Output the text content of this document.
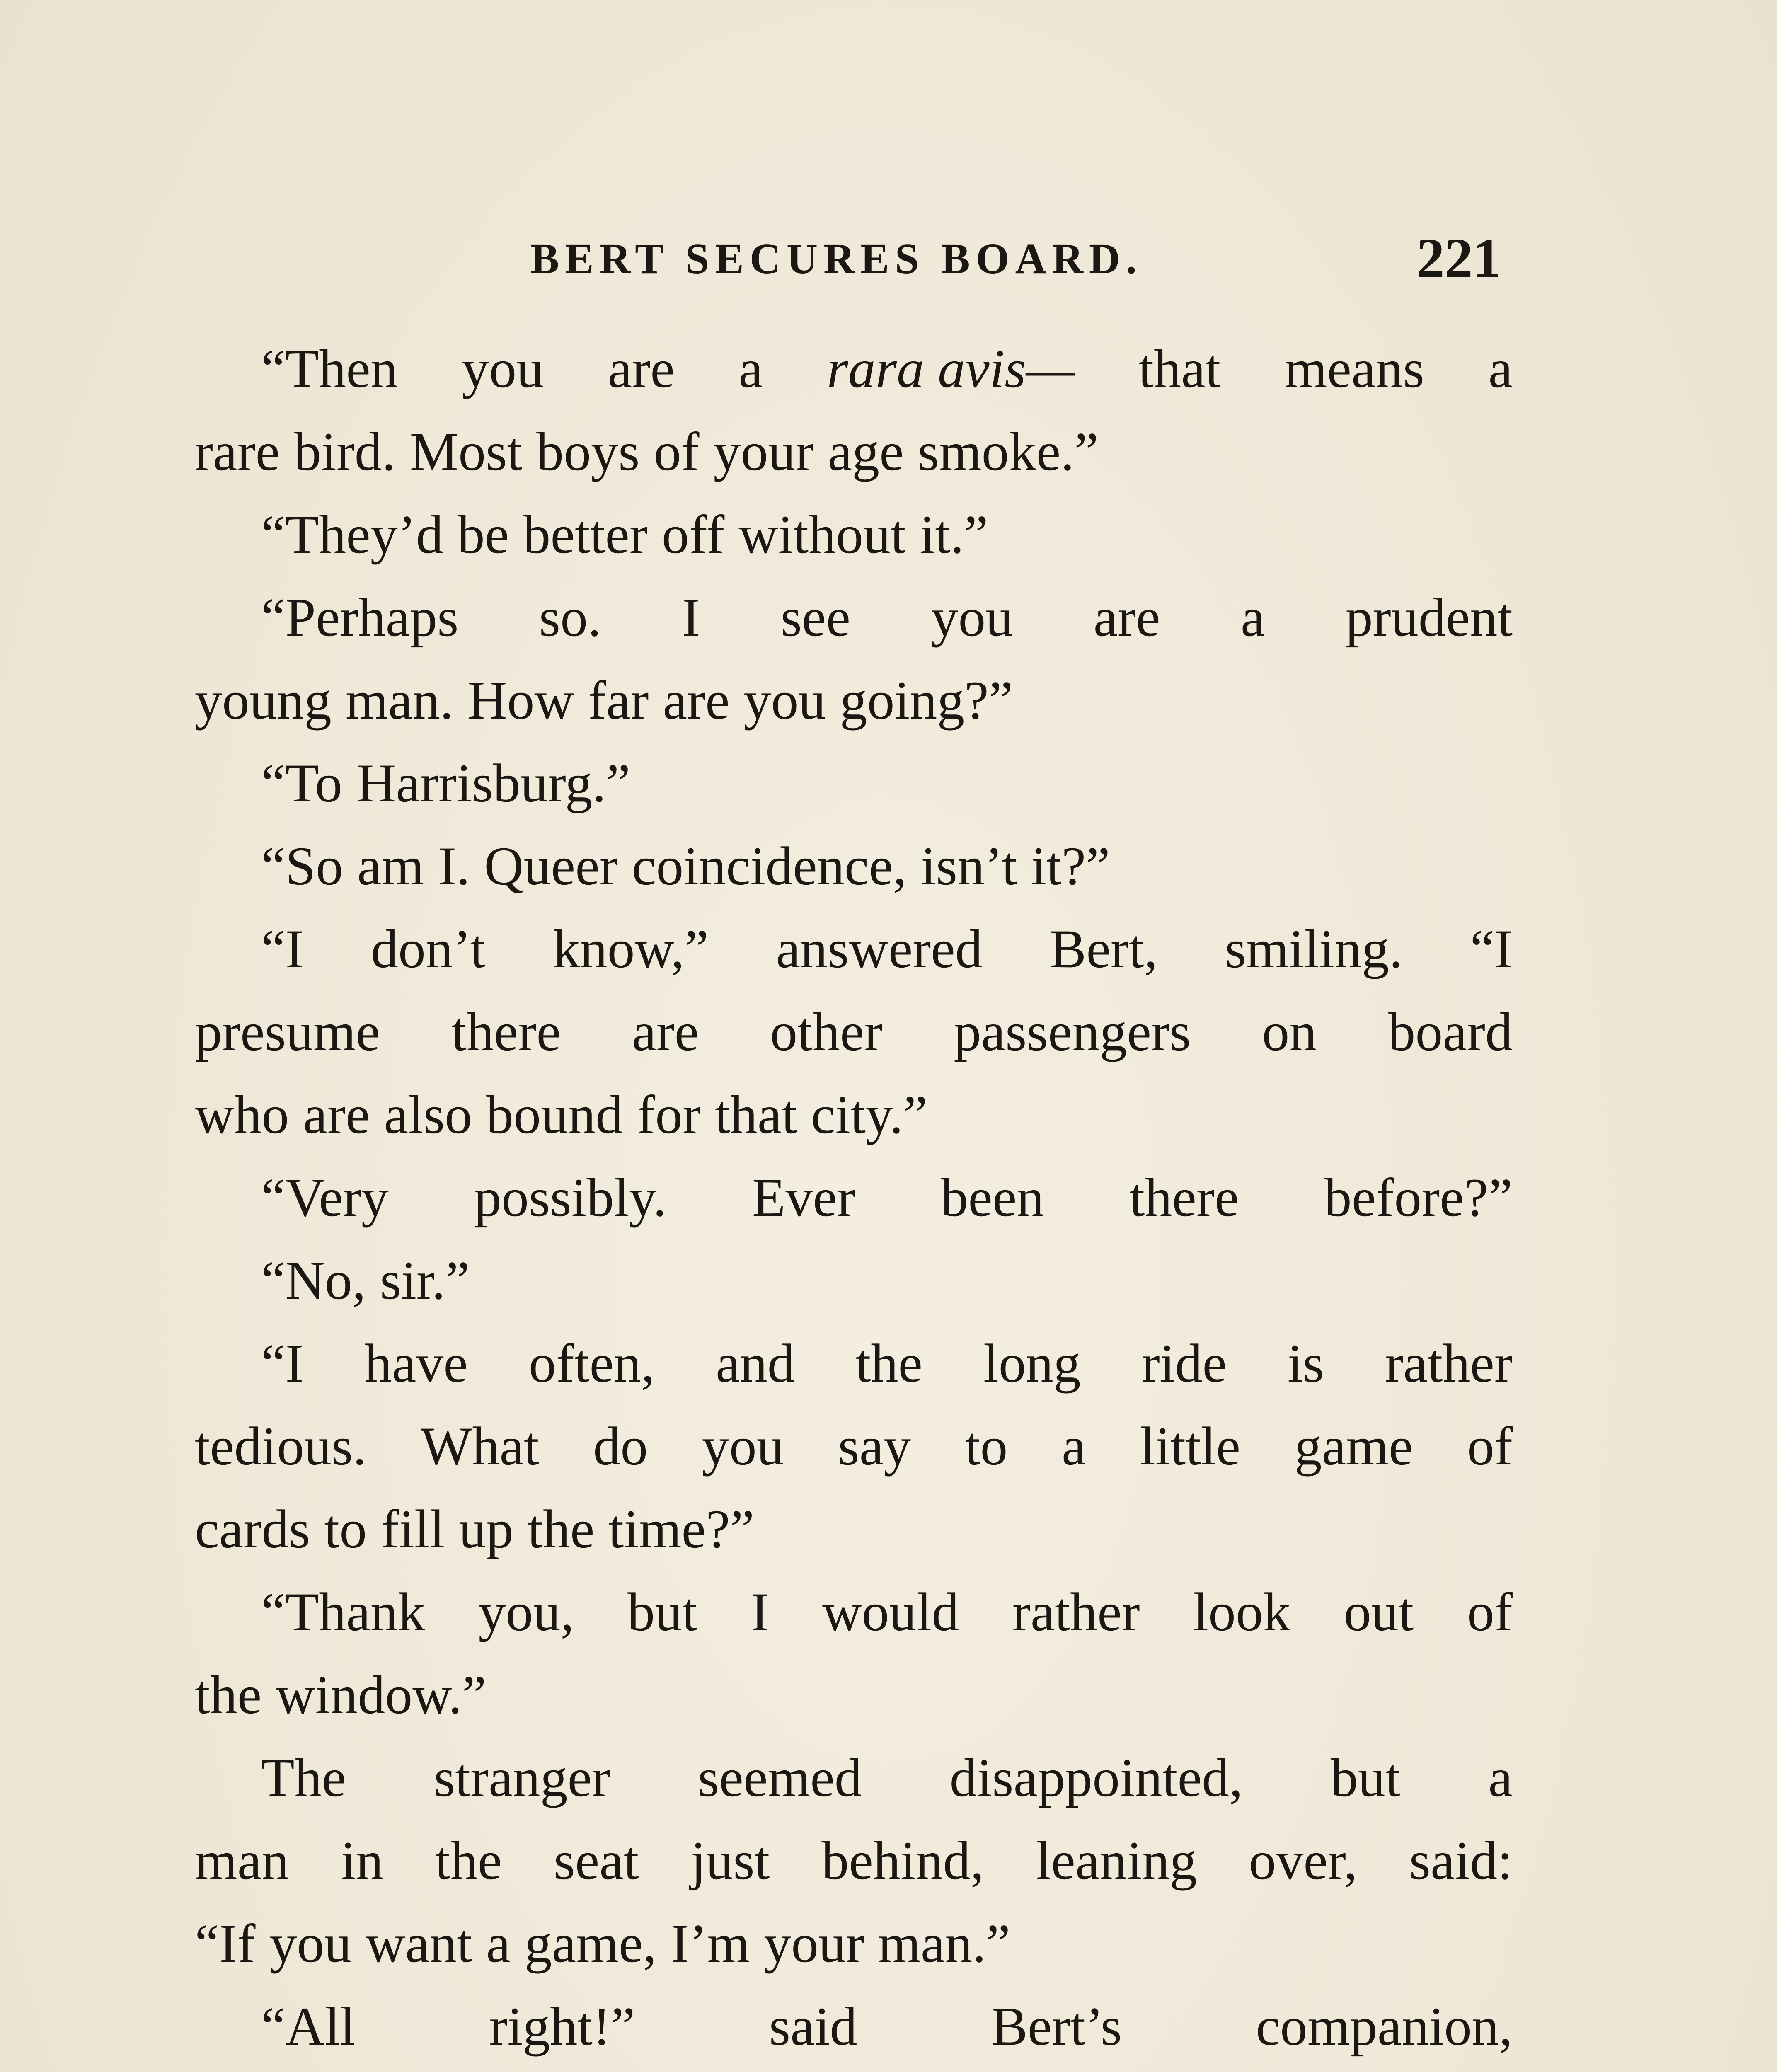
BERT SECURES BOARD.	221
“Then you are a rara avis— that means a
rare bird. Most boys of your age smoke.”
“They’d be better off without it.”
“Perhaps so. I see you are a prudent
young man. How far are you going?”
“To Harrisburg.”
“So am I. Queer coincidence, isn’t it?”
“I don’t know,” answered Bert, smiling. “I
presume there are other passengers on board
who are also bound for that city.”
“Very possibly. Ever been there before?”
“No, sir.”
“I have often, and the long ride is rather
tedious. What do you say to a little game of
cards to fill up the time?”
“Thank you, but I would rather look out of
the window.”
The stranger seemed disappointed, but a
man in the seat just behind, leaning over, said:
“If you want a game, I’m your man.”
“All right!” said Bert’s companion,
